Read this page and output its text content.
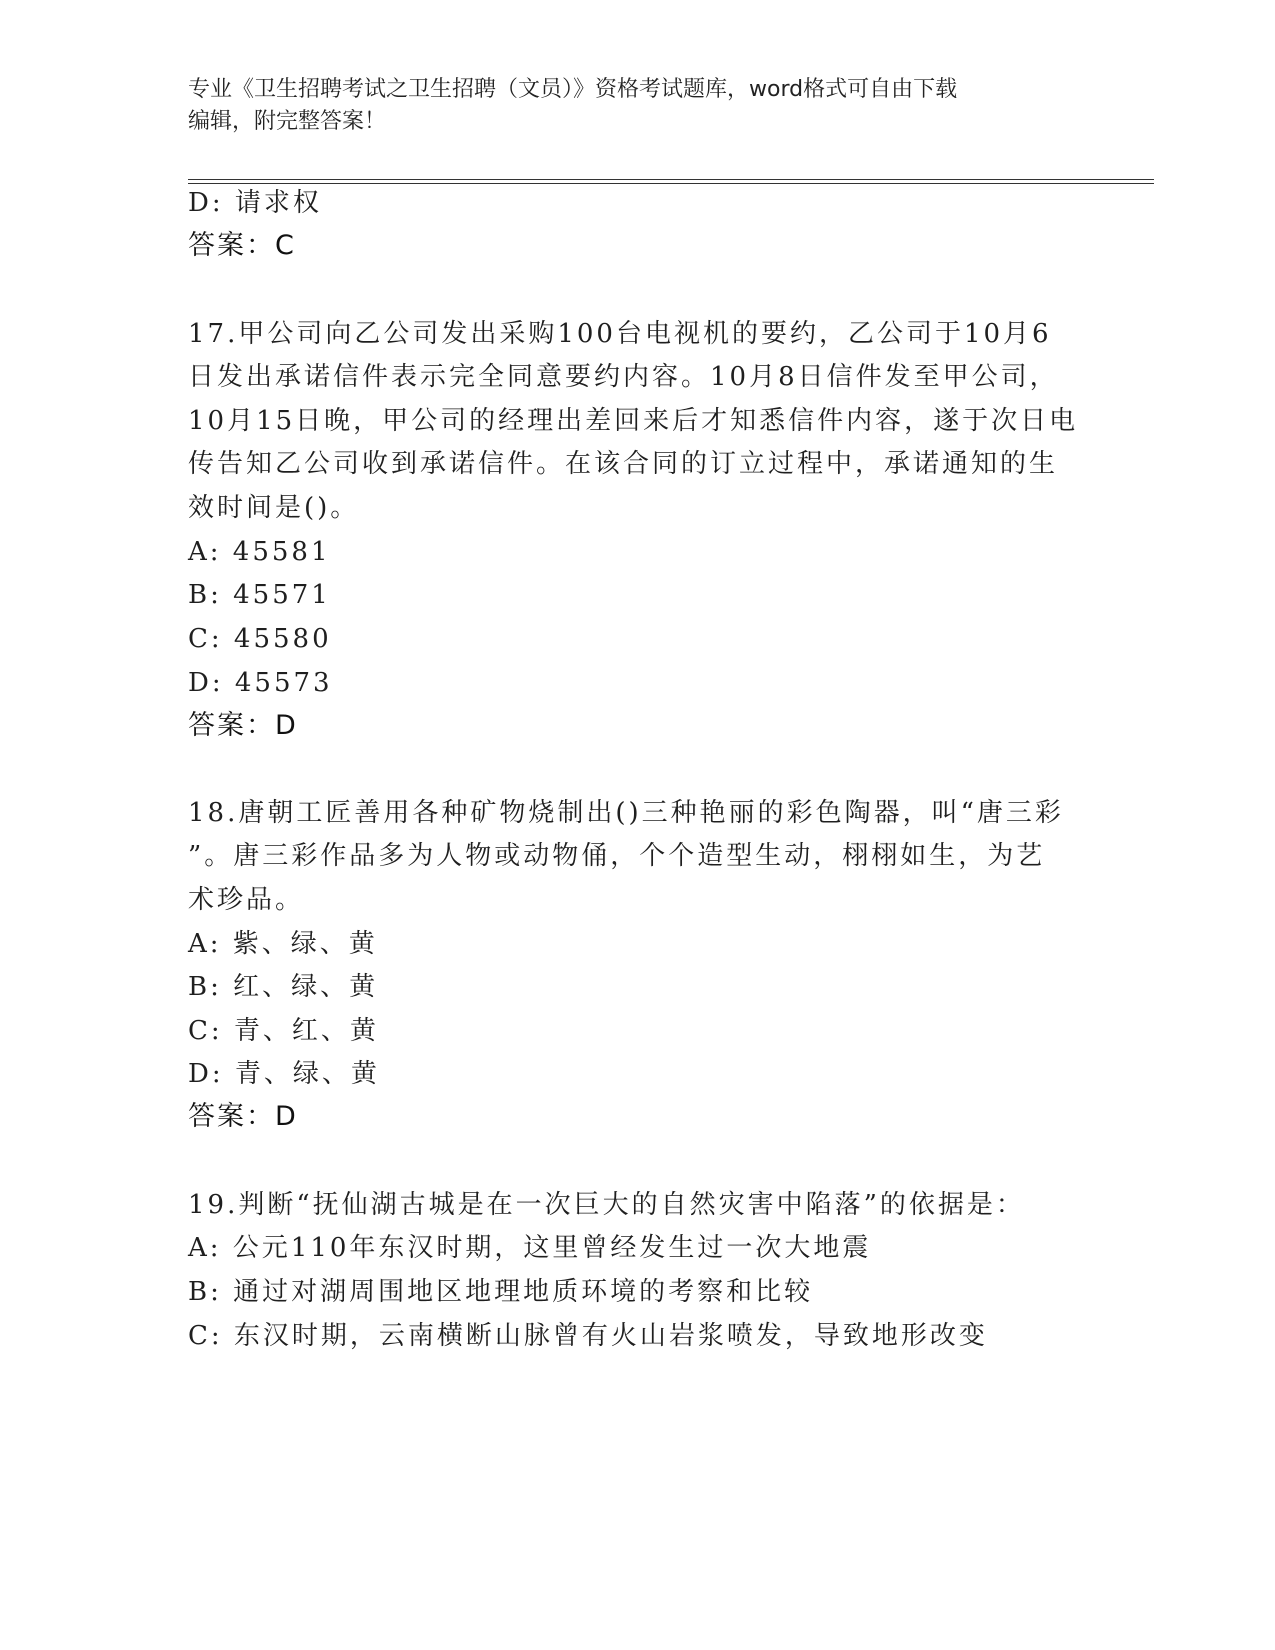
专业《卫生招聘考试之卫生招聘（文员）》资格考试题库，word格式可自由下载
编辑，附完整答案！
D: 请求权
答案：C
17.甲公司向乙公司发出采购100台电视机的要约，乙公司于10月6
日发出承诺信件表示完全同意要约内容。10月8日信件发至甲公司，
10月15日晚，甲公司的经理出差回来后才知悉信件内容，遂于次日电
传告知乙公司收到承诺信件。在该合同的订立过程中，承诺通知的生
效时间是()。
A: 45581
B: 45571
C: 45580
D: 45573
答案：D
18.唐朝工匠善用各种矿物烧制出()三种艳丽的彩色陶器，叫“唐三彩
”。唐三彩作品多为人物或动物俑，个个造型生动，栩栩如生，为艺
术珍品。
A: 紫、绿、黄
B: 红、绿、黄
C: 青、红、黄
D: 青、绿、黄
答案：D
19.判断“抚仙湖古城是在一次巨大的自然灾害中陷落”的依据是：
A: 公元110年东汉时期，这里曾经发生过一次大地震
B: 通过对湖周围地区地理地质环境的考察和比较
C: 东汉时期，云南横断山脉曾有火山岩浆喷发，导致地形改变
